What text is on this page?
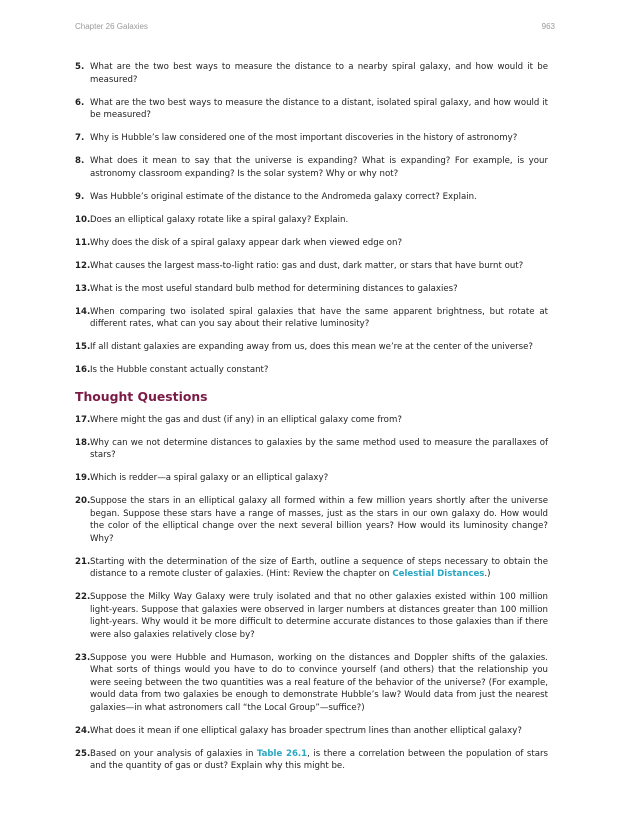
Chapter 26 Galaxies	963
5. What are the two best ways to measure the distance to a nearby spiral galaxy, and how would it be measured?
6. What are the two best ways to measure the distance to a distant, isolated spiral galaxy, and how would it be measured?
7. Why is Hubble’s law considered one of the most important discoveries in the history of astronomy?
8. What does it mean to say that the universe is expanding? What is expanding? For example, is your astronomy classroom expanding? Is the solar system? Why or why not?
9. Was Hubble’s original estimate of the distance to the Andromeda galaxy correct? Explain.
10. Does an elliptical galaxy rotate like a spiral galaxy? Explain.
11. Why does the disk of a spiral galaxy appear dark when viewed edge on?
12. What causes the largest mass-to-light ratio: gas and dust, dark matter, or stars that have burnt out?
13. What is the most useful standard bulb method for determining distances to galaxies?
14. When comparing two isolated spiral galaxies that have the same apparent brightness, but rotate at different rates, what can you say about their relative luminosity?
15. If all distant galaxies are expanding away from us, does this mean we’re at the center of the universe?
16. Is the Hubble constant actually constant?
Thought Questions
17. Where might the gas and dust (if any) in an elliptical galaxy come from?
18. Why can we not determine distances to galaxies by the same method used to measure the parallaxes of stars?
19. Which is redder—a spiral galaxy or an elliptical galaxy?
20. Suppose the stars in an elliptical galaxy all formed within a few million years shortly after the universe began. Suppose these stars have a range of masses, just as the stars in our own galaxy do. How would the color of the elliptical change over the next several billion years? How would its luminosity change? Why?
21. Starting with the determination of the size of Earth, outline a sequence of steps necessary to obtain the distance to a remote cluster of galaxies. (Hint: Review the chapter on Celestial Distances.)
22. Suppose the Milky Way Galaxy were truly isolated and that no other galaxies existed within 100 million light-years. Suppose that galaxies were observed in larger numbers at distances greater than 100 million light-years. Why would it be more difficult to determine accurate distances to those galaxies than if there were also galaxies relatively close by?
23. Suppose you were Hubble and Humason, working on the distances and Doppler shifts of the galaxies. What sorts of things would you have to do to convince yourself (and others) that the relationship you were seeing between the two quantities was a real feature of the behavior of the universe? (For example, would data from two galaxies be enough to demonstrate Hubble’s law? Would data from just the nearest galaxies—in what astronomers call “the Local Group”—suffice?)
24. What does it mean if one elliptical galaxy has broader spectrum lines than another elliptical galaxy?
25. Based on your analysis of galaxies in Table 26.1, is there a correlation between the population of stars and the quantity of gas or dust? Explain why this might be.
